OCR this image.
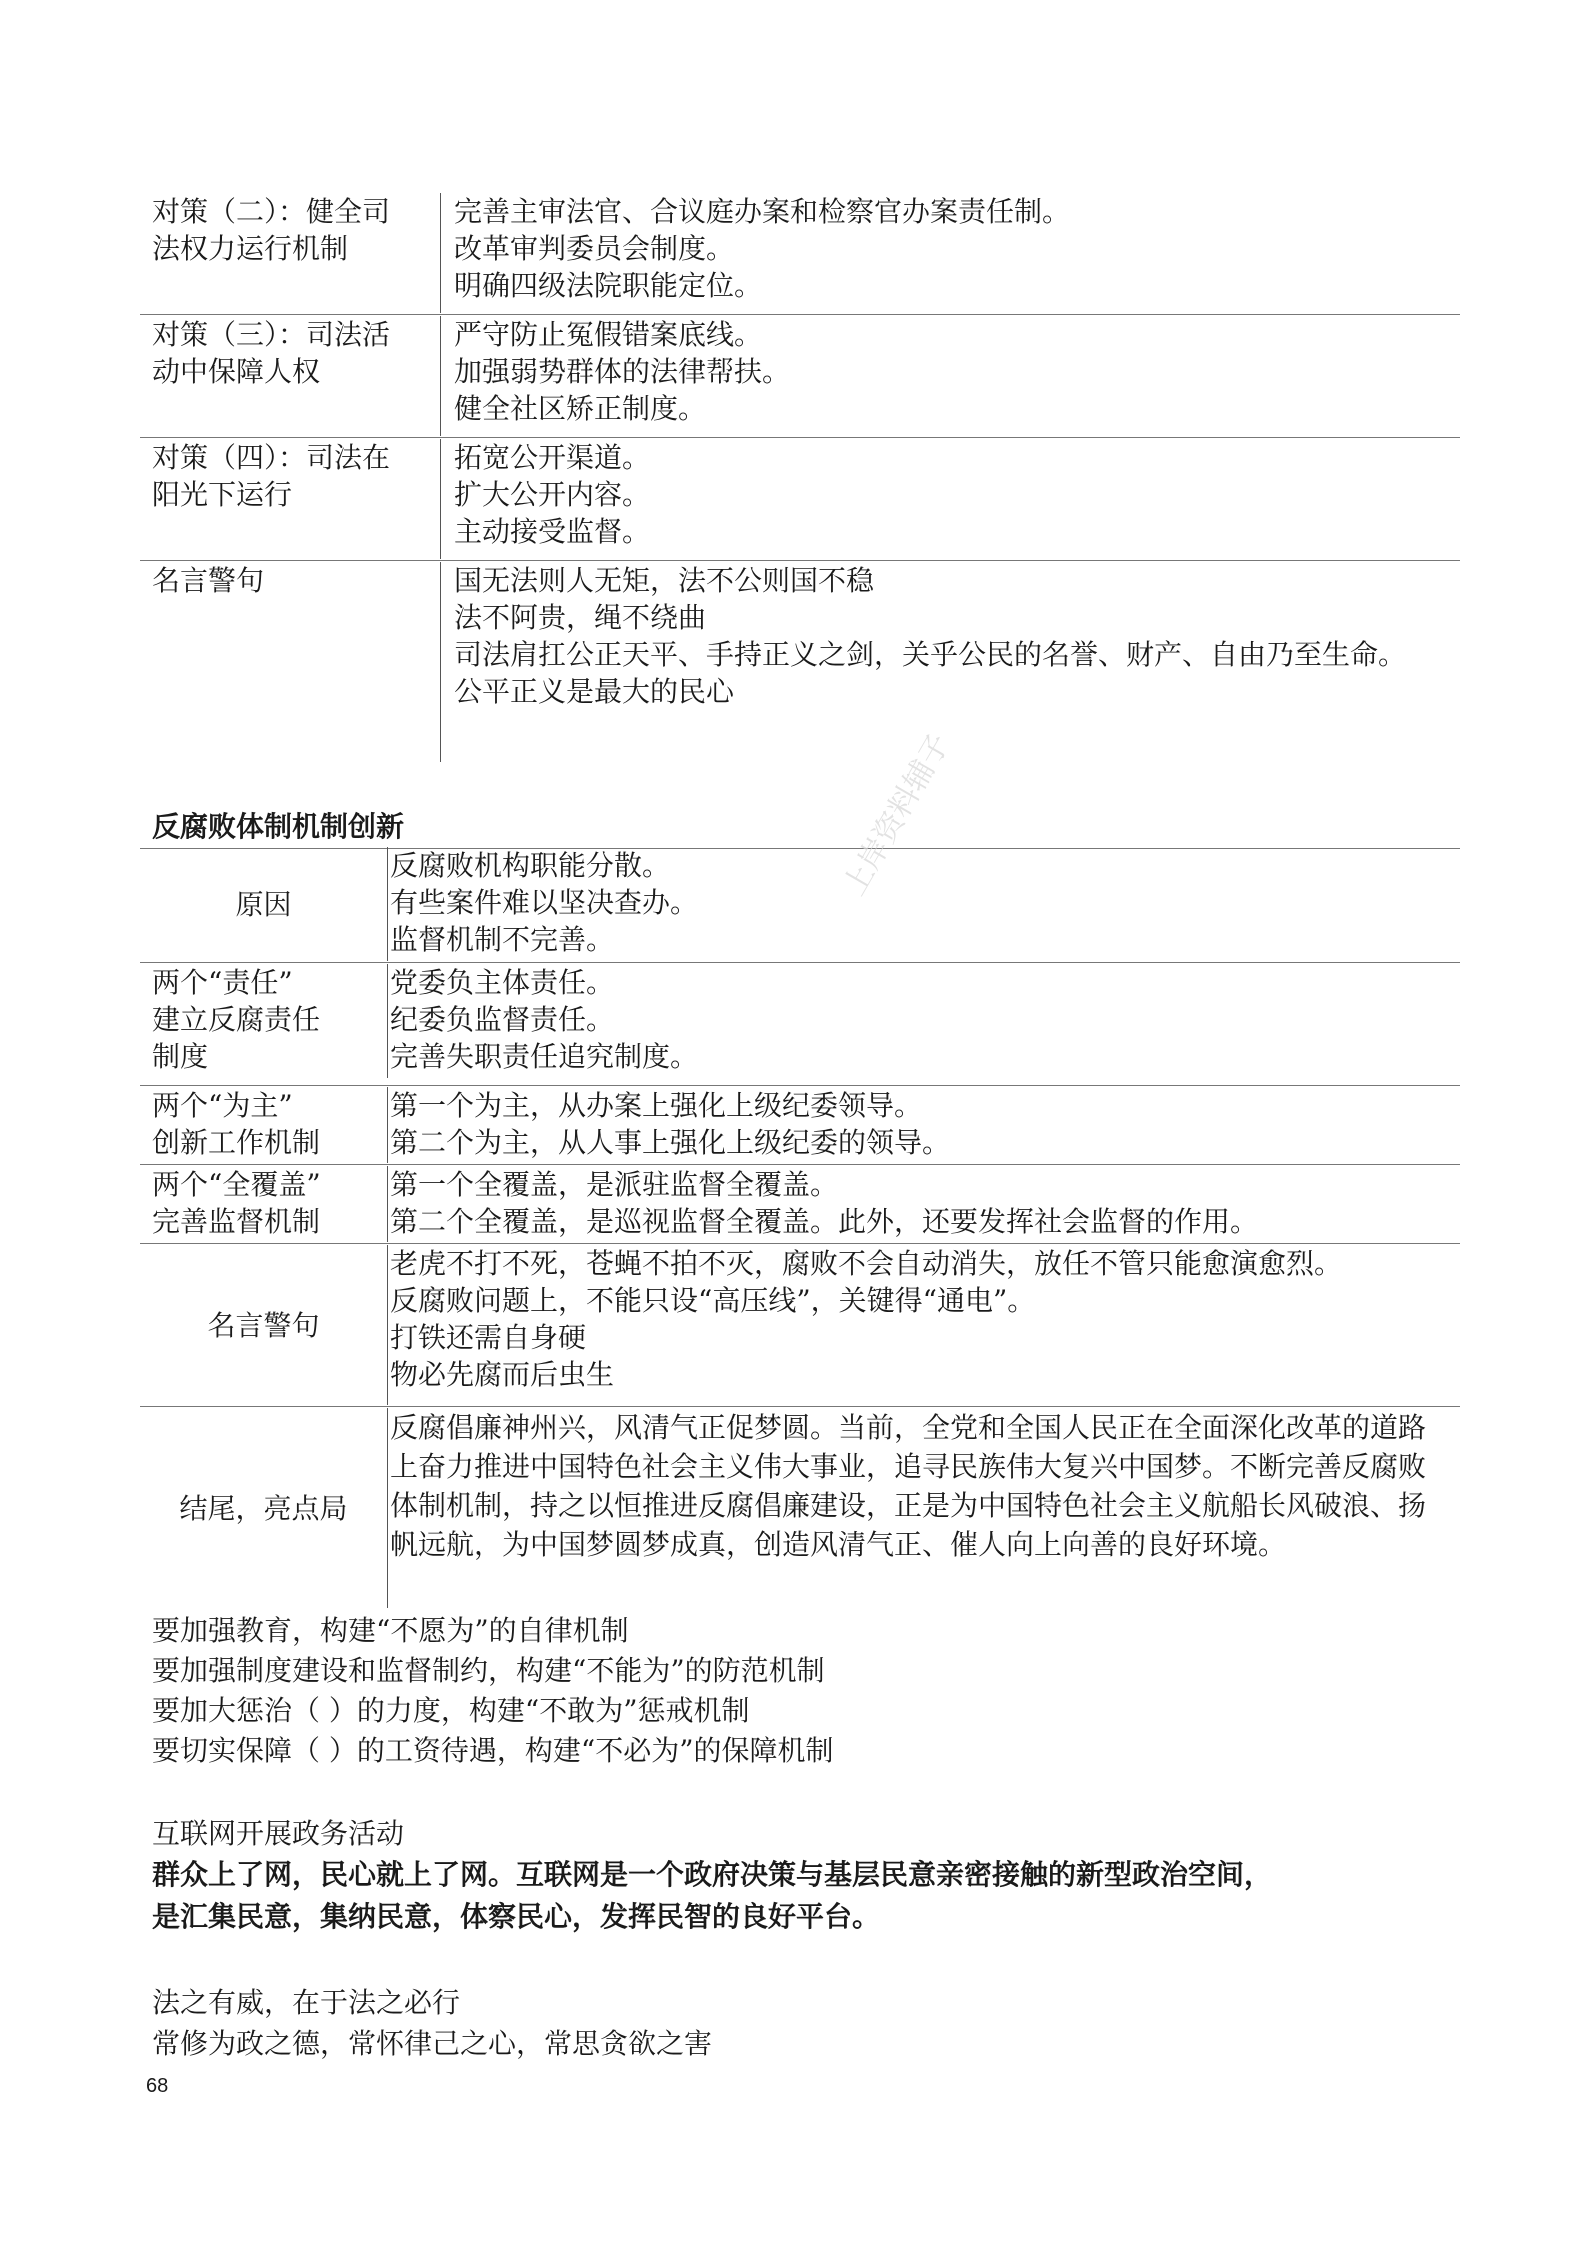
对策（二）：健全司
法权力运行机制
完善主审法官、合议庭办案和检察官办案责任制。
改革审判委员会制度。
明确四级法院职能定位。
对策（三）：司法活
动中保障人权
严守防止冤假错案底线。
加强弱势群体的法律帮扶。
健全社区矫正制度。
对策（四）：司法在
阳光下运行
拓宽公开渠道。
扩大公开内容。
主动接受监督。
名言警句	国无法则人无矩，法不公则国不稳
法不阿贵，绳不绕曲
司法肩扛公正天平、手持正义之剑，关乎公民的名誉、财产、自由乃至生命。
公平正义是最大的民心
反腐败体制机制创新
原因
反腐败机构职能分散。
有些案件难以坚决查办。
监督机制不完善。
两个“责任”
建立反腐责任
制度
党委负主体责任。
纪委负监督责任。
完善失职责任追究制度。
两个“为主”
创新工作机制
第一个为主，从办案上强化上级纪委领导。
第二个为主，从人事上强化上级纪委的领导。
两个“全覆盖”
完善监督机制
第一个全覆盖，是派驻监督全覆盖。
第二个全覆盖，是巡视监督全覆盖。此外，还要发挥社会监督的作用。
名言警句
老虎不打不死，苍蝇不拍不灭，腐败不会自动消失，放任不管只能愈演愈烈。
反腐败问题上，不能只设“高压线”，关键得“通电”。
打铁还需自身硬
物必先腐而后虫生
结尾，亮点局
反腐倡廉神州兴，风清气正促梦圆。当前，全党和全国人民正在全面深化改革的道路上奋力推进中国特色社会主义伟大事业，追寻民族伟大复兴中国梦。不断完善反腐败体制机制，持之以恒推进反腐倡廉建设，正是为中国特色社会主义航船长风破浪、扬帆远航，为中国梦圆梦成真，创造风清气正、催人向上向善的良好环境。
要加强教育，构建“不愿为”的自律机制
要加强制度建设和监督制约，构建“不能为”的防范机制
要加大惩治（ ）的力度，构建“不敢为”惩戒机制
要切实保障（ ）的工资待遇，构建“不必为”的保障机制
互联网开展政务活动
群众上了网，民心就上了网。互联网是一个政府决策与基层民意亲密接触的新型政治空间，
是汇集民意，集纳民意，体察民心，发挥民智的良好平台。
法之有威，在于法之必行
常修为政之德，常怀律己之心，常思贪欲之害
68
上岸资料辅子
